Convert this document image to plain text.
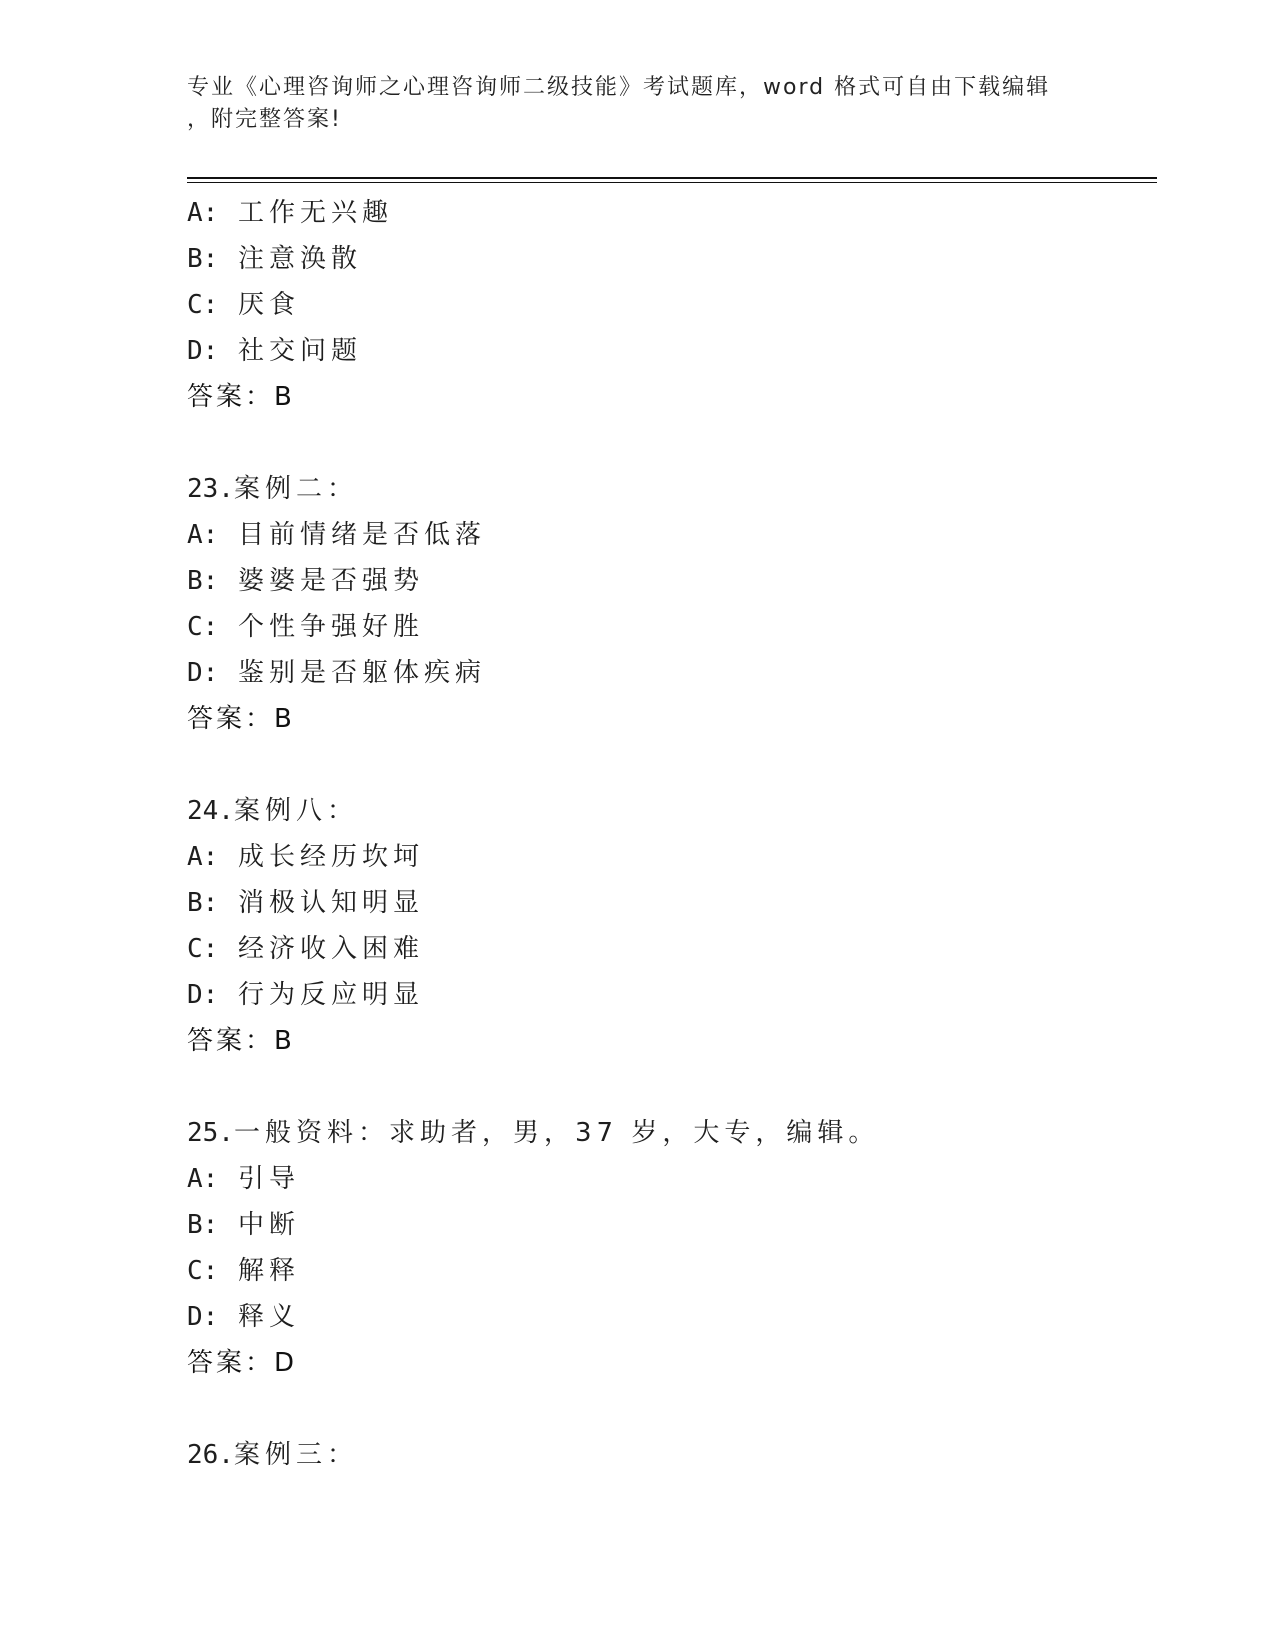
专业《心理咨询师之心理咨询师二级技能》考试题库，word 格式可自由下载编辑
，附完整答案!
A: 工作无兴趣
B: 注意涣散
C: 厌食
D: 社交问题
答案：B
23.案例二：
A: 目前情绪是否低落
B: 婆婆是否强势
C: 个性争强好胜
D: 鉴别是否躯体疾病
答案：B
24.案例八：
A: 成长经历坎坷
B: 消极认知明显
C: 经济收入困难
D: 行为反应明显
答案：B
25.一般资料：求助者，男，37 岁，大专，编辑。
A: 引导
B: 中断
C: 解释
D: 释义
答案：D
26.案例三：
